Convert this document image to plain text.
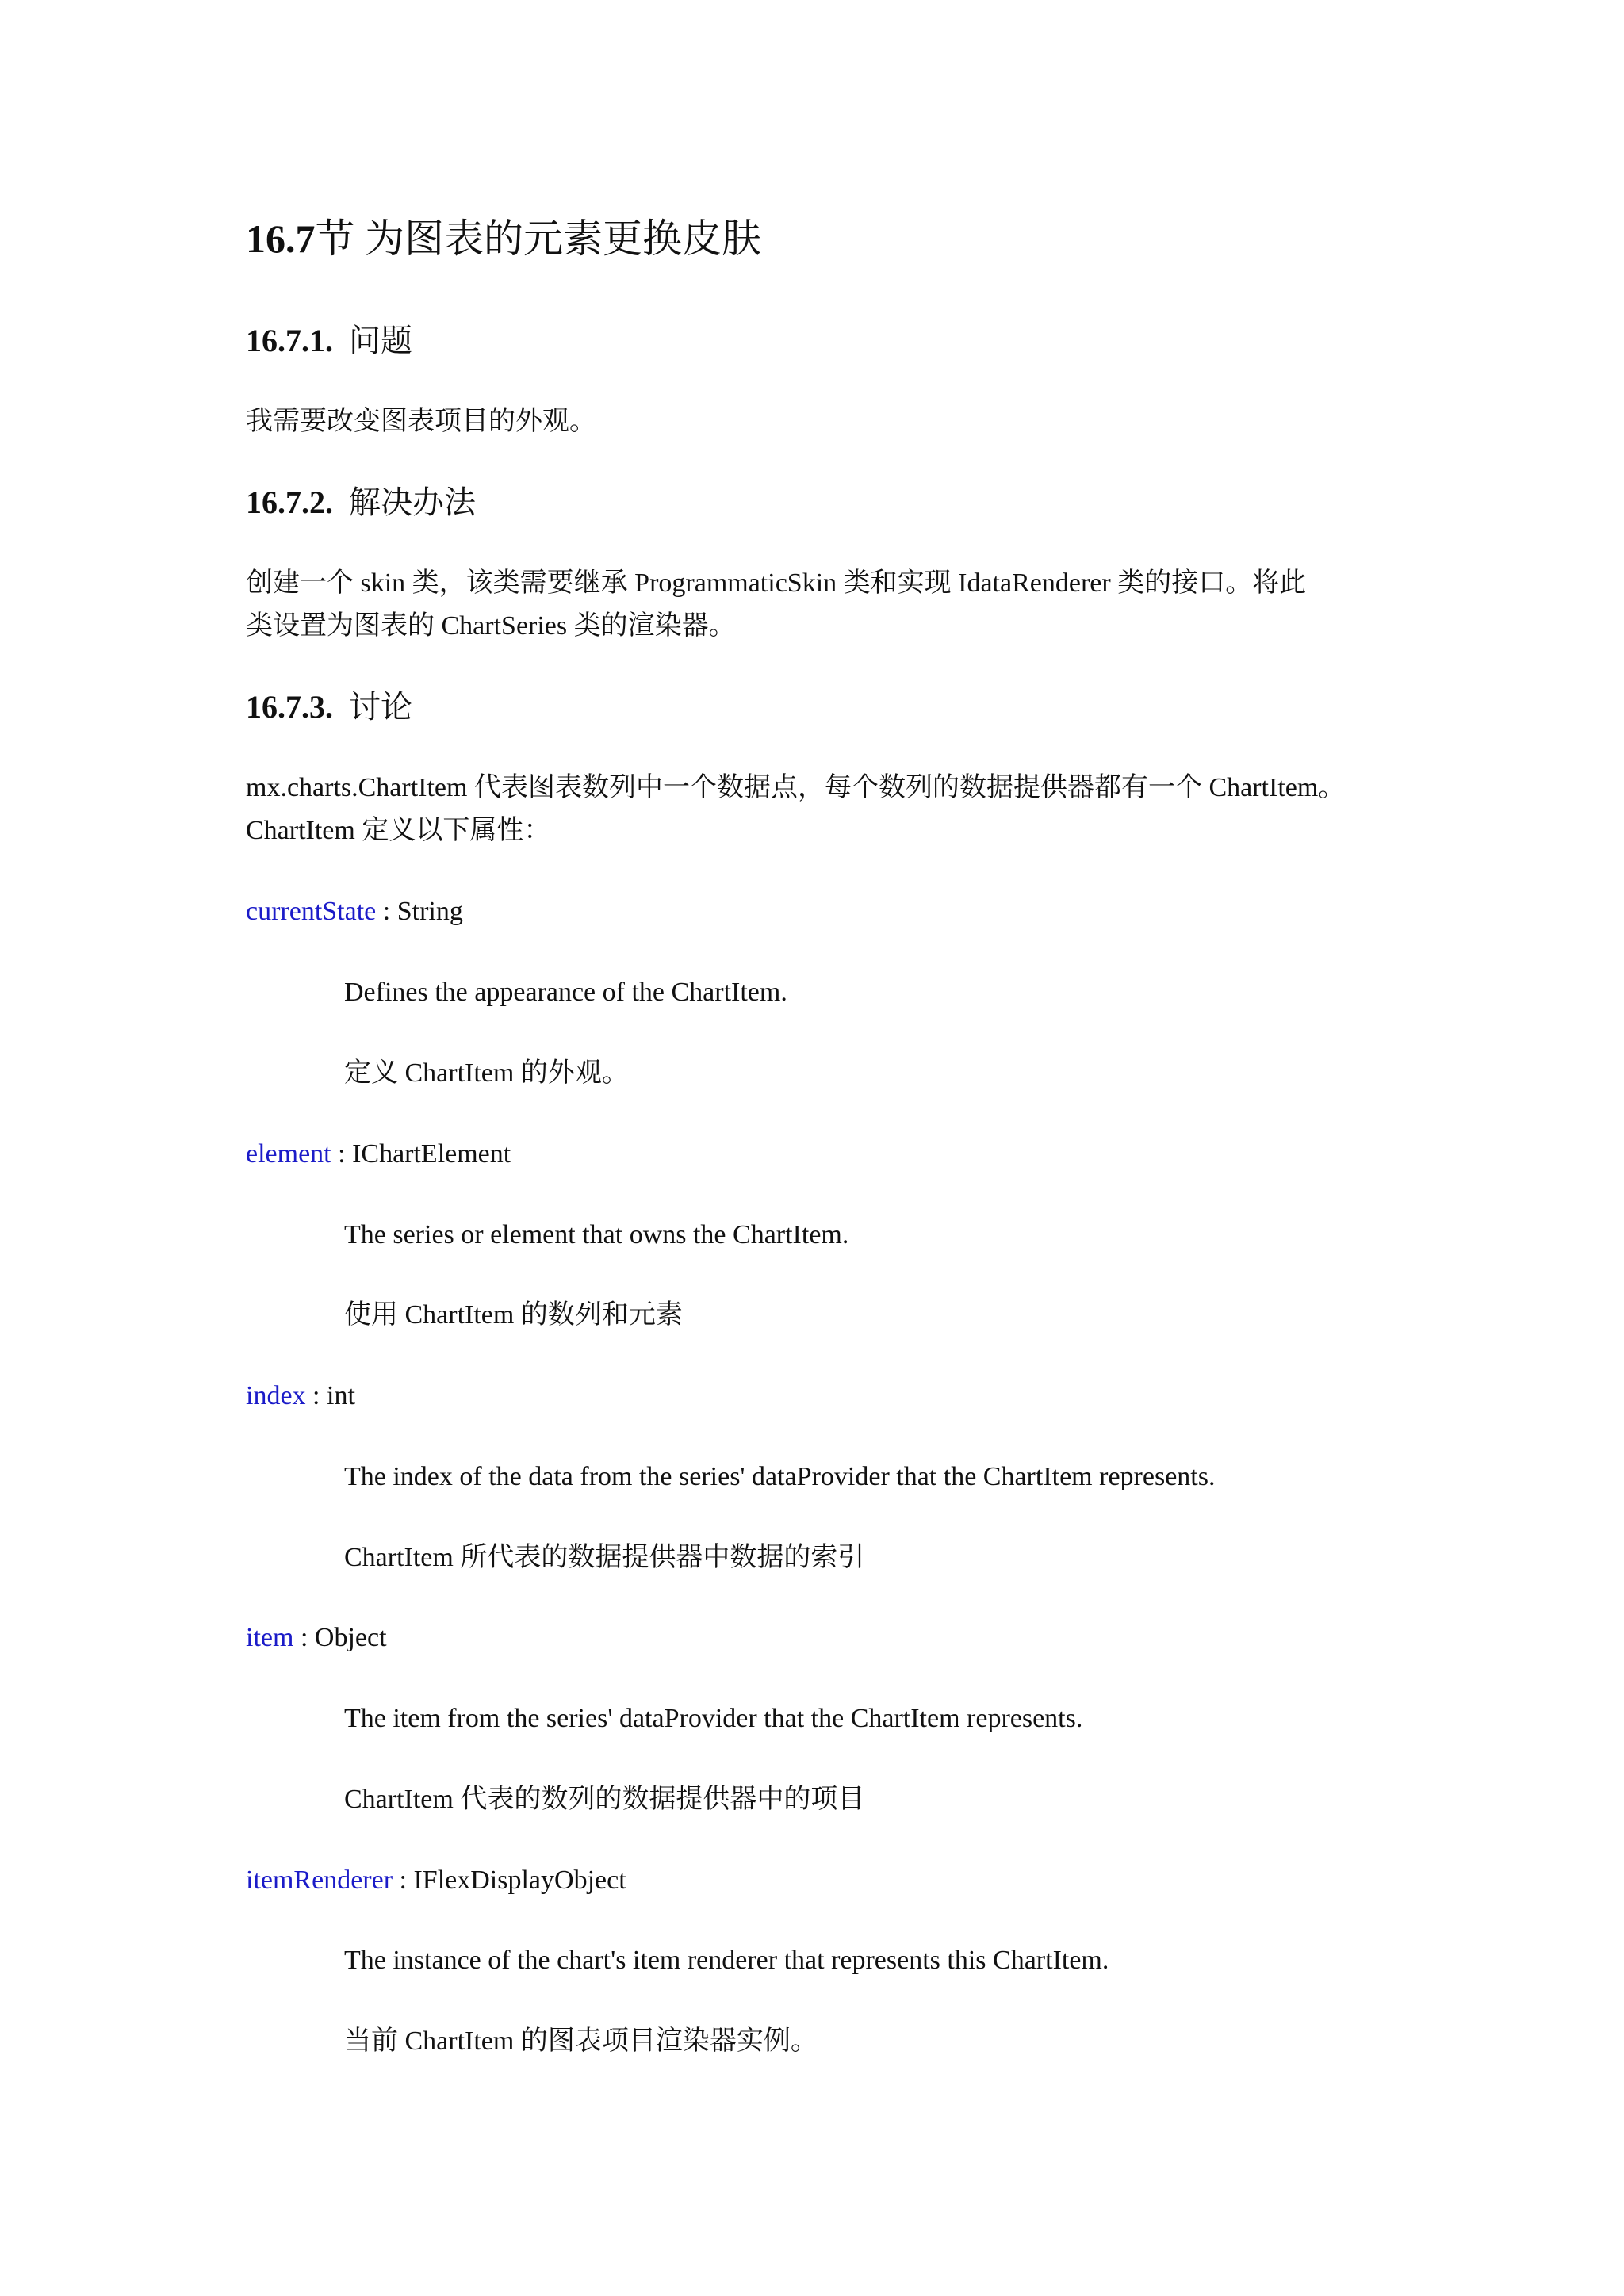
16.7节 为图表的元素更换皮肤
16.7.1. 问题

我需要改变图表项目的外观。

16.7.2. 解决办法

创建一个 skin 类，该类需要继承 ProgrammaticSkin 类和实现 IdataRenderer 类的接口。将此

类设置为图表的 ChartSeries 类的渲染器。

16.7.3. 讨论

mx.charts.ChartItem 代表图表数列中一个数据点，每个数列的数据提供器都有一个 ChartItem。

ChartItem 定义以下属性：

currentState : String

Defines the appearance of the ChartItem.

定义 ChartItem 的外观。

element : IChartElement

The series or element that owns the ChartItem.

使用 ChartItem 的数列和元素

index : int

The index of the data from the series' dataProvider that the ChartItem represents.

ChartItem 所代表的数据提供器中数据的索引

item : Object

The item from the series' dataProvider that the ChartItem represents.

ChartItem 代表的数列的数据提供器中的项目

itemRenderer : IFlexDisplayObject

The instance of the chart's item renderer that represents this ChartItem.

当前 ChartItem 的图表项目渲染器实例。
